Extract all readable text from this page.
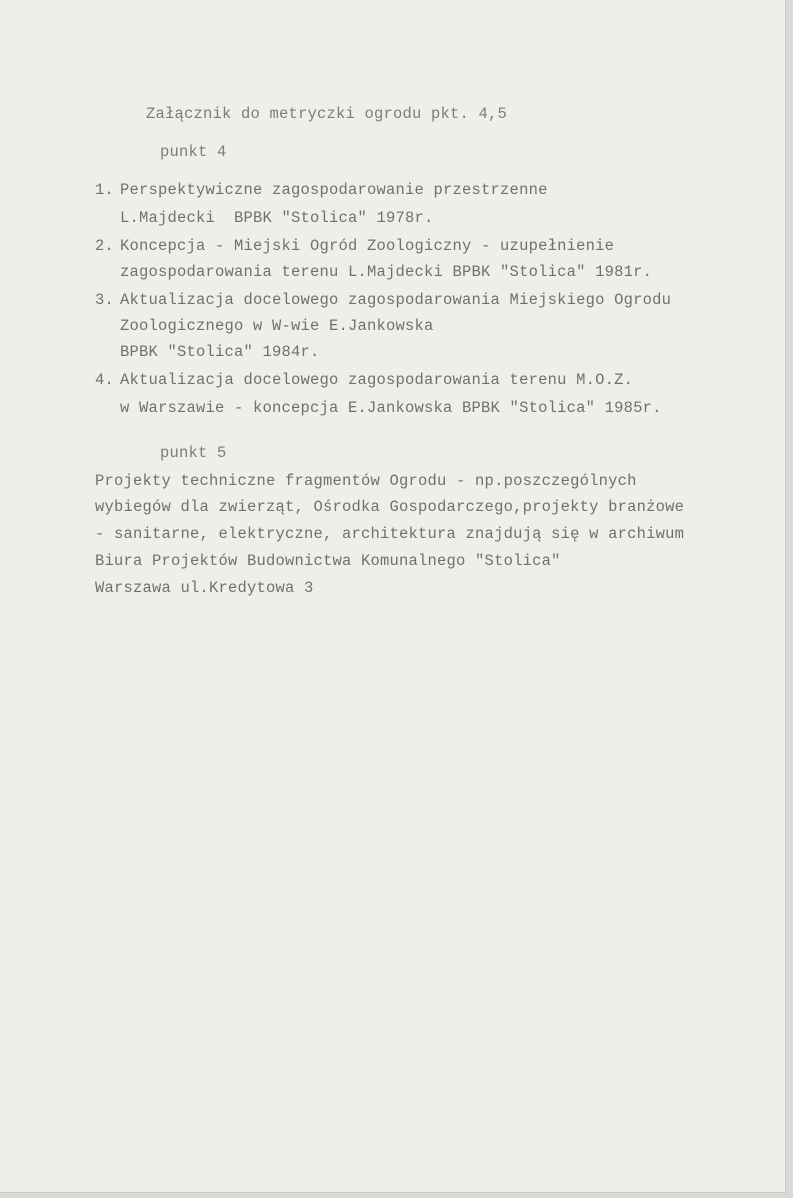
Załącznik do metryczki ogrodu pkt. 4,5

punkt 4

1.

Perspektywiczne zagospodarowanie przestrzenne

L.Majdecki  BPBK "Stolica" 1978r.

2.

Koncepcja - Miejski Ogród Zoologiczny - uzupełnienie

zagospodarowania terenu L.Majdecki BPBK "Stolica" 1981r.

3.

Aktualizacja docelowego zagospodarowania Miejskiego Ogrodu

Zoologicznego w W-wie E.Jankowska

BPBK "Stolica" 1984r.

4.

Aktualizacja docelowego zagospodarowania terenu M.O.Z.

w Warszawie - koncepcja E.Jankowska BPBK "Stolica" 1985r.

punkt 5

Projekty techniczne fragmentów Ogrodu - np.poszczególnych

wybiegów dla zwierząt, Ośrodka Gospodarczego,projekty branżowe

- sanitarne, elektryczne, architektura znajdują się w archiwum

Biura Projektów Budownictwa Komunalnego "Stolica"

Warszawa ul.Kredytowa 3
